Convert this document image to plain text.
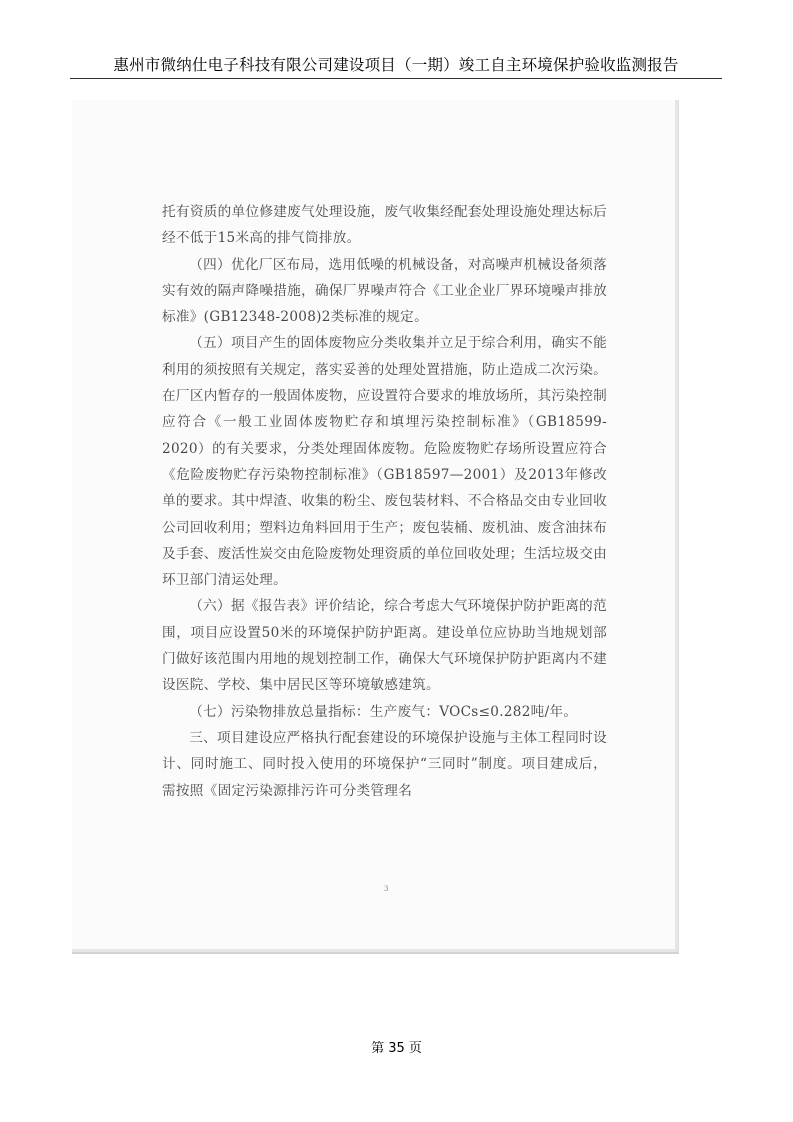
惠州市微纳仕电子科技有限公司建设项目（一期）竣工自主环境保护验收监测报告

托有资质的单位修建废气处理设施，废气收集经配套处理设施处理达标后经不低于15米高的排气筒排放。

（四）优化厂区布局，选用低噪的机械设备，对高噪声机械设备须落实有效的隔声降噪措施，确保厂界噪声符合《工业企业厂界环境噪声排放标准》(GB12348-2008)2类标准的规定。

（五）项目产生的固体废物应分类收集并立足于综合利用，确实不能利用的须按照有关规定，落实妥善的处理处置措施，防止造成二次污染。在厂区内暂存的一般固体废物，应设置符合要求的堆放场所，其污染控制应符合《一般工业固体废物贮存和填埋污染控制标准》（GB18599-2020）的有关要求，分类处理固体废物。危险废物贮存场所设置应符合《危险废物贮存污染物控制标准》（GB18597—2001）及2013年修改单的要求。其中焊渣、收集的粉尘、废包装材料、不合格品交由专业回收公司回收利用；塑料边角料回用于生产；废包装桶、废机油、废含油抹布及手套、废活性炭交由危险废物处理资质的单位回收处理；生活垃圾交由环卫部门清运处理。

（六）据《报告表》评价结论，综合考虑大气环境保护防护距离的范围，项目应设置50米的环境保护防护距离。建设单位应协助当地规划部门做好该范围内用地的规划控制工作，确保大气环境保护防护距离内不建设医院、学校、集中居民区等环境敏感建筑。

（七）污染物排放总量指标：生产废气：VOCs≤0.282吨/年。

三、项目建设应严格执行配套建设的环境保护设施与主体工程同时设计、同时施工、同时投入使用的环境保护“三同时”制度。项目建成后，需按照《固定污染源排污许可分类管理名

3
第 35 页
